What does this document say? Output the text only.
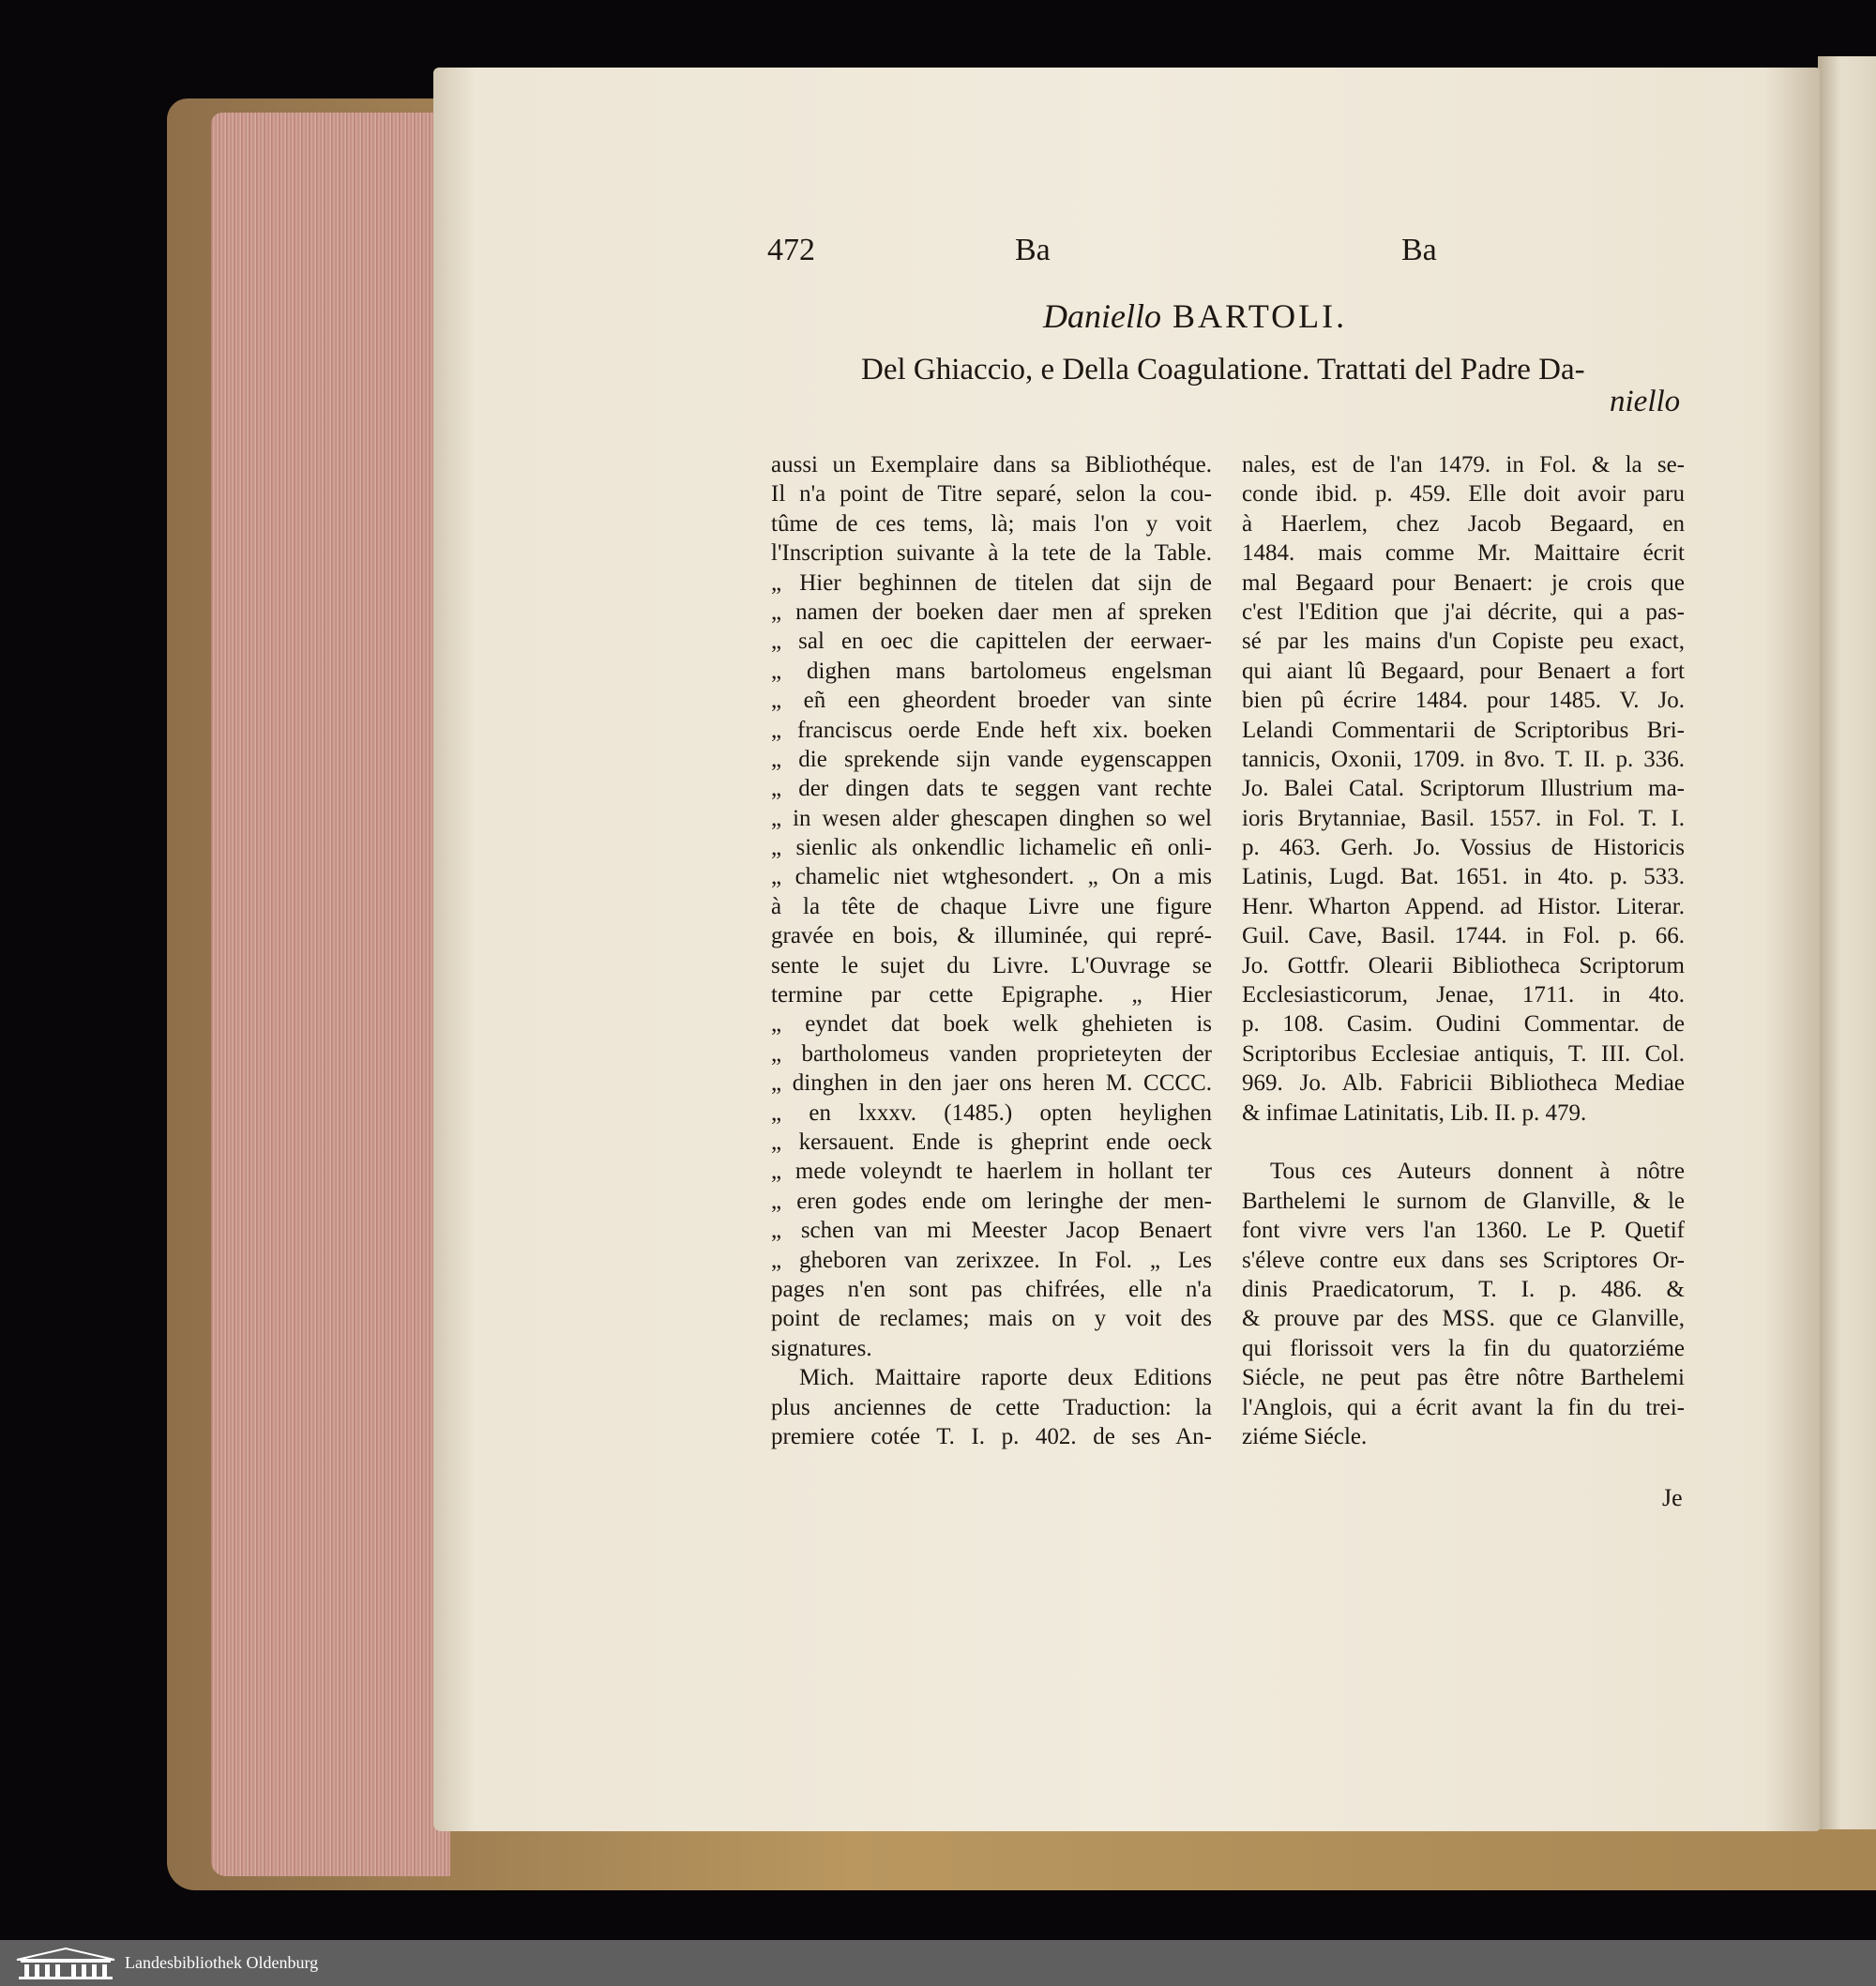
472	Ba	Ba
Daniello BARTOLI.
Del Ghiaccio, e Della Coagulatione. Trattati del Padre Da-
niello
aussi un Exemplaire dans sa Bibliothéque.
Il n'a point de Titre separé, selon la cou-
tûme de ces tems, là; mais l'on y voit
l'Inscription suivante à la tete de la Table.
„ Hier beghinnen de titelen dat sijn de
„ namen der boeken daer men af spreken
„ sal en oec die capittelen der eerwaer-
„ dighen mans bartolomeus engelsman
„ eñ een gheordent broeder van sinte
„ franciscus oerde Ende heft xix. boeken
„ die sprekende sijn vande eygenscappen
„ der dingen dats te seggen vant rechte
„ in wesen alder ghescapen dinghen so wel
„ sienlic als onkendlic lichamelic eñ onli-
„ chamelic niet wtghesondert. „ On a mis
à la tête de chaque Livre une figure
gravée en bois, & illuminée, qui repré-
sente le sujet du Livre. L'Ouvrage se
termine par cette Epigraphe. „ Hier
„ eyndet dat boek welk ghehieten is
„ bartholomeus vanden proprieteyten der
„ dinghen in den jaer ons heren M. CCCC.
„ en lxxxv. (1485.) opten heylighen
„ kersauent. Ende is gheprint ende oeck
„ mede voleyndt te haerlem in hollant ter
„ eren godes ende om leringhe der men-
„ schen van mi Meester Jacop Benaert
„ gheboren van zerixzee. In Fol. „ Les
pages n'en sont pas chifrées, elle n'a
point de reclames; mais on y voit des
signatures.
Mich. Maittaire raporte deux Editions
plus anciennes de cette Traduction: la
premiere cotée T. I. p. 402. de ses An-
nales, est de l'an 1479. in Fol. & la se-
conde ibid. p. 459. Elle doit avoir paru
à Haerlem, chez Jacob Begaard, en
1484. mais comme Mr. Maittaire écrit
mal Begaard pour Benaert: je crois que
c'est l'Edition que j'ai décrite, qui a pas-
sé par les mains d'un Copiste peu exact,
qui aiant lû Begaard, pour Benaert a fort
bien pû écrire 1484. pour 1485. V. Jo.
Lelandi Commentarii de Scriptoribus Bri-
tannicis, Oxonii, 1709. in 8vo. T. II. p. 336.
Jo. Balei Catal. Scriptorum Illustrium ma-
ioris Brytanniae, Basil. 1557. in Fol. T. I.
p. 463. Gerh. Jo. Vossius de Historicis
Latinis, Lugd. Bat. 1651. in 4to. p. 533.
Henr. Wharton Append. ad Histor. Literar.
Guil. Cave, Basil. 1744. in Fol. p. 66.
Jo. Gottfr. Olearii Bibliotheca Scriptorum
Ecclesiasticorum, Jenae, 1711. in 4to.
p. 108. Casim. Oudini Commentar. de
Scriptoribus Ecclesiae antiquis, T. III. Col.
969. Jo. Alb. Fabricii Bibliotheca Mediae
& infimae Latinitatis, Lib. II. p. 479.
Tous ces Auteurs donnent à nôtre
Barthelemi le surnom de Glanville, & le
font vivre vers l'an 1360. Le P. Quetif
s'éleve contre eux dans ses Scriptores Or-
dinis Praedicatorum, T. I. p. 486. &
& prouve par des MSS. que ce Glanville,
qui florissoit vers la fin du quatorziéme
Siécle, ne peut pas être nôtre Barthelemi
l'Anglois, qui a écrit avant la fin du trei-
ziéme Siécle.
Je
Landesbibliothek Oldenburg
